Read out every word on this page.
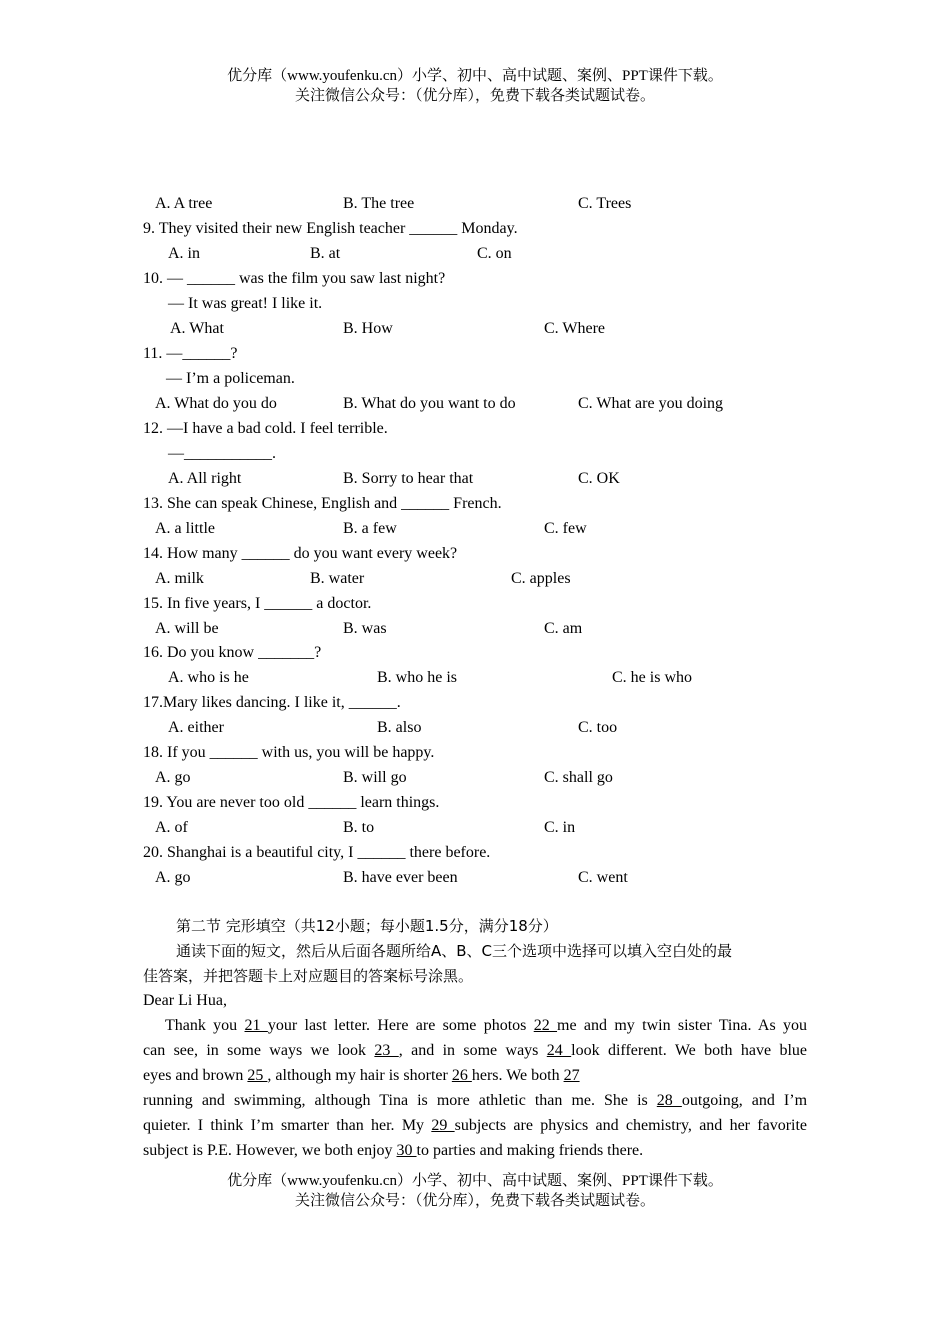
优分库（www.youfenku.cn）小学、初中、高中试题、案例、PPT课件下载。
关注微信公众号：（优分库），免费下载各类试题试卷。
A. A tree	B. The tree	C. Trees
9. They visited their new English teacher ______ Monday.
A. in	B. at	C. on
10. — ______ was the film you saw last night?
— It was great! I like it.
A. What	B. How	C. Where
11. —______?
— I’m a policeman.
A. What do you do	B. What do you want to do	C. What are you doing
12. —I have a bad cold. I feel terrible.
—___________.
A. All right	B. Sorry to hear that	C. OK
13. She can speak Chinese, English and ______ French.
A. a little	B. a few	C. few
14. How many ______ do you want every week?
A. milk	B. water	C. apples
15. In five years, I ______ a doctor.
A. will be	B. was	C. am
16. Do you know _______?
A. who is he	B. who he is	C. he is who
17.Mary likes dancing. I like it, ______.
A. either	B. also	C. too
18. If you ______ with us, you will be happy.
A. go	B. will go	C. shall go
19. You are never too old ______ learn things.
A. of	B. to	C. in
20. Shanghai is a beautiful city, I ______ there before.
A. go	B. have ever been	C. went
第二节 完形填空（共12小题；每小题1.5分，满分18分）
通读下面的短文，然后从后面各题所给A、B、C三个选项中选择可以填入空白处的最
佳答案，并把答题卡上对应题目的答案标号涂黑。
Dear Li Hua,
Thank you 21 your last letter. Here are some photos 22 me and my twin sister Tina. As you
can see, in some ways we look 23 , and in some ways 24 look different. We both have blue
eyes and brown 25 , although my hair is shorter 26 hers. We both 27
running and swimming, although Tina is more athletic than me. She is 28 outgoing, and I’m
quieter. I think I’m smarter than her. My 29 subjects are physics and chemistry, and her favorite
subject is P.E. However, we both enjoy 30 to parties and making friends there.
优分库（www.youfenku.cn）小学、初中、高中试题、案例、PPT课件下载。
关注微信公众号：（优分库），免费下载各类试题试卷。
